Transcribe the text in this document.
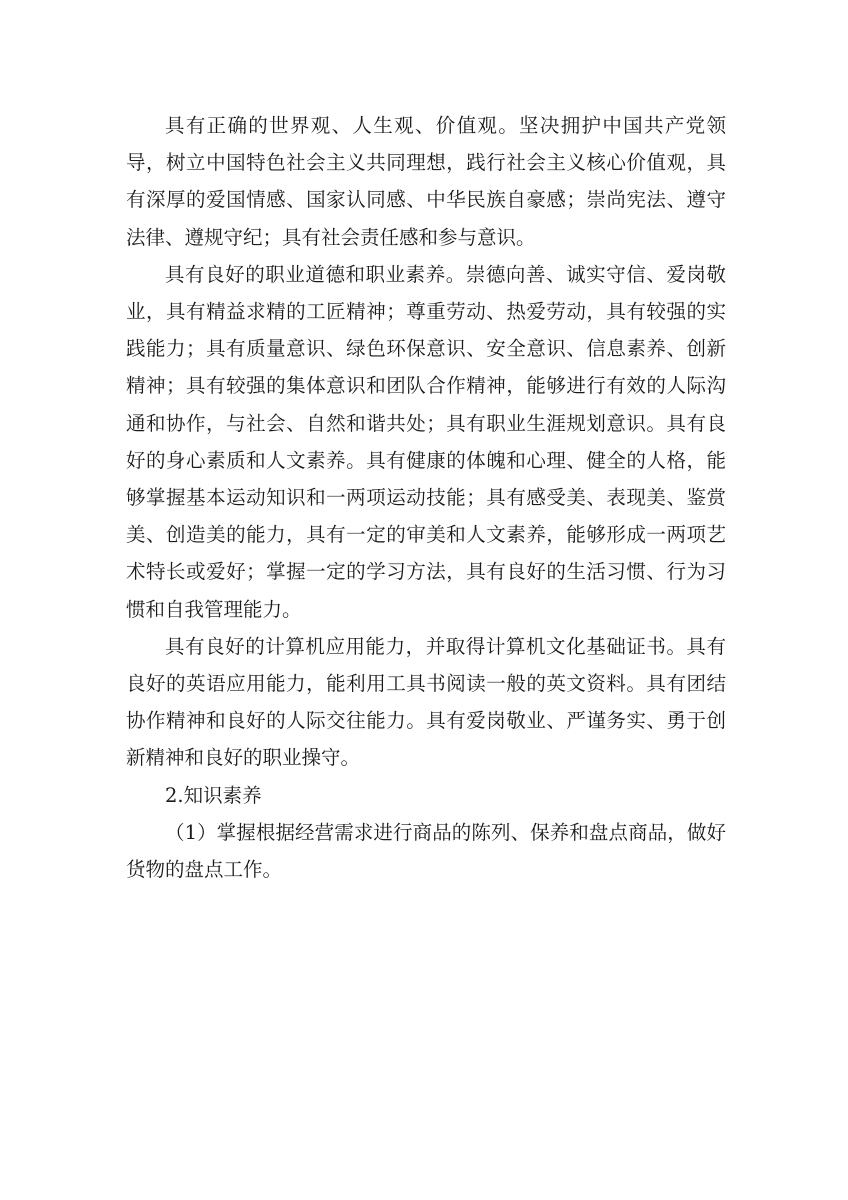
具有正确的世界观、人生观、价值观。坚决拥护中国共产党领导，树立中国特色社会主义共同理想，践行社会主义核心价值观，具有深厚的爱国情感、国家认同感、中华民族自豪感；崇尚宪法、遵守法律、遵规守纪；具有社会责任感和参与意识。

具有良好的职业道德和职业素养。崇德向善、诚实守信、爱岗敬业，具有精益求精的工匠精神；尊重劳动、热爱劳动，具有较强的实践能力；具有质量意识、绿色环保意识、安全意识、信息素养、创新精神；具有较强的集体意识和团队合作精神，能够进行有效的人际沟通和协作，与社会、自然和谐共处；具有职业生涯规划意识。具有良好的身心素质和人文素养。具有健康的体魄和心理、健全的人格，能够掌握基本运动知识和一两项运动技能；具有感受美、表现美、鉴赏美、创造美的能力，具有一定的审美和人文素养，能够形成一两项艺术特长或爱好；掌握一定的学习方法，具有良好的生活习惯、行为习惯和自我管理能力。

具有良好的计算机应用能力，并取得计算机文化基础证书。具有良好的英语应用能力，能利用工具书阅读一般的英文资料。具有团结协作精神和良好的人际交往能力。具有爱岗敬业、严谨务实、勇于创新精神和良好的职业操守。

2.知识素养

（1）掌握根据经营需求进行商品的陈列、保养和盘点商品，做好货物的盘点工作。
